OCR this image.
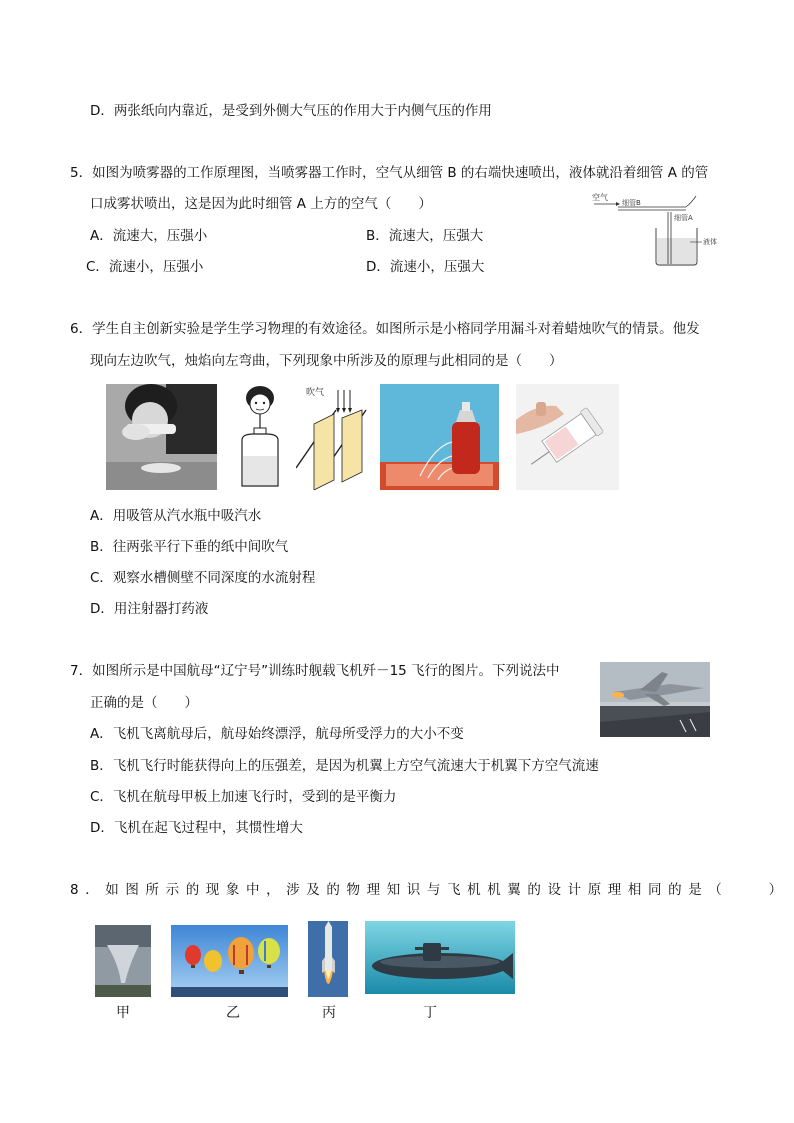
D．两张纸向内靠近，是受到外侧大气压的作用大于内侧气压的作用
5．如图为喷雾器的工作原理图，当喷雾器工作时，空气从细管 B 的右端快速喷出，液体就沿着细管 A 的管
口成雾状喷出，这是因为此时细管 A 上方的空气（　　）
A．流速大，压强小	B．流速大，压强大
C．流速小，压强小	D．流速小，压强大
空气
细管B
细管A
液体
6．学生自主创新实验是学生学习物理的有效途径。如图所示是小榕同学用漏斗对着蜡烛吹气的情景。他发
现向左边吹气，烛焰向左弯曲，下列现象中所涉及的原理与此相同的是（　　）
吹气
A．用吸管从汽水瓶中吸汽水
B．往两张平行下垂的纸中间吹气
C．观察水槽侧壁不同深度的水流射程
D．用注射器打药液
7．如图所示是中国航母“辽宁号”训练时舰载飞机歼－15 飞行的图片。下列说法中
正确的是（　　）
A．飞机飞离航母后，航母始终漂浮，航母所受浮力的大小不变
B．飞机飞行时能获得向上的压强差，是因为机翼上方空气流速大于机翼下方空气流速
C．飞机在航母甲板上加速飞行时，受到的是平衡力
D．飞机在起飞过程中，其惯性增大
8．如图所示的现象中，涉及的物理知识与飞机机翼的设计原理相同的是（　　）
甲	乙	丙	丁
